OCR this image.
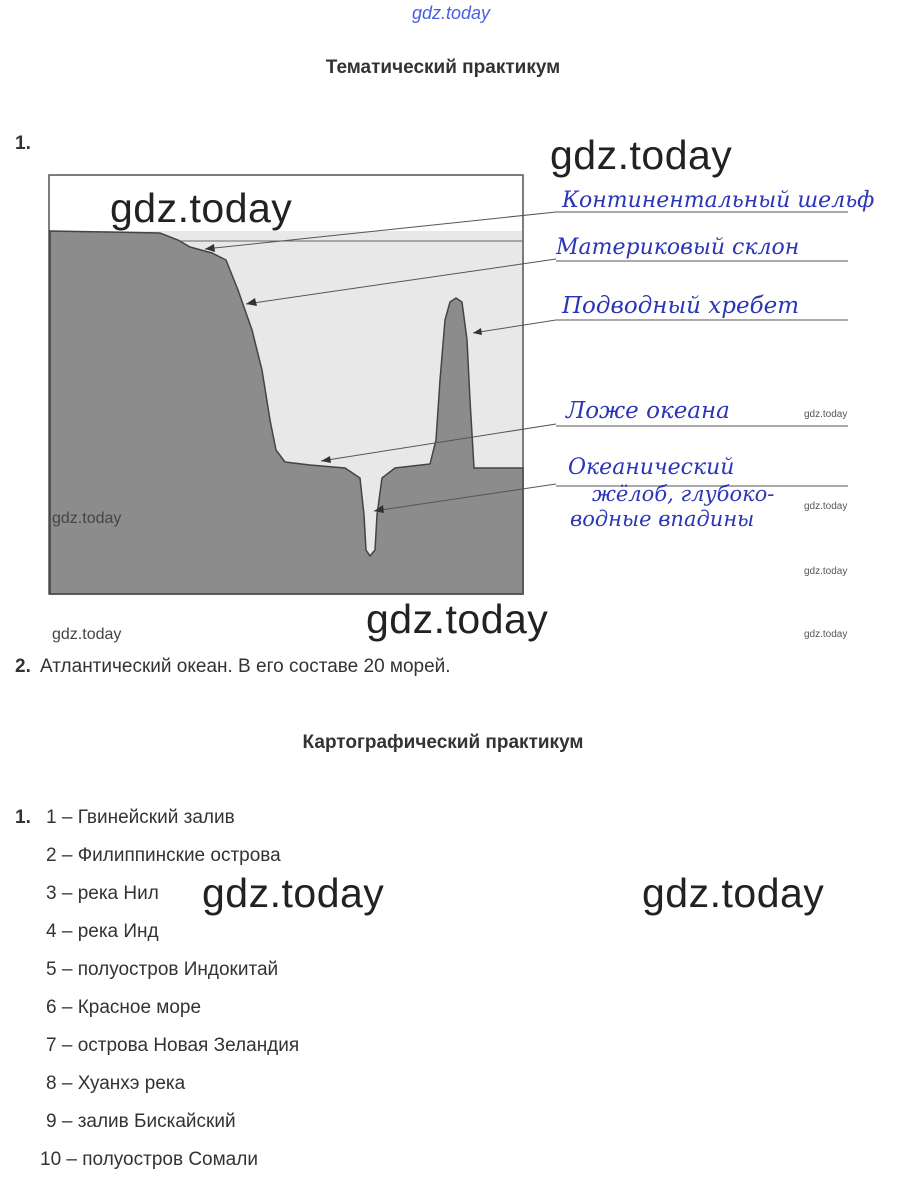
gdz.today
Тематический практикум
1.
Континентальный шельф
Материковый склон
Подводный хребет
Ложе океана
Океанический
жёлоб, глубоко-
водные впадины
gdz.today
gdz.today
gdz.today
gdz.today
gdz.today
gdz.today
gdz.today
gdz.today	gdz.today
2. Атлантический океан. В его составе 20 морей.
Картографический практикум
1. 1 – Гвинейский залив
2 – Филиппинские острова
3 – река Нил
4 – река Инд
5 – полуостров Индокитай
6 – Красное море
7 – острова Новая Зеландия
8 – Хуанхэ река
9 – залив Бискайский
10 – полуостров Сомали
gdz.today	gdz.today
